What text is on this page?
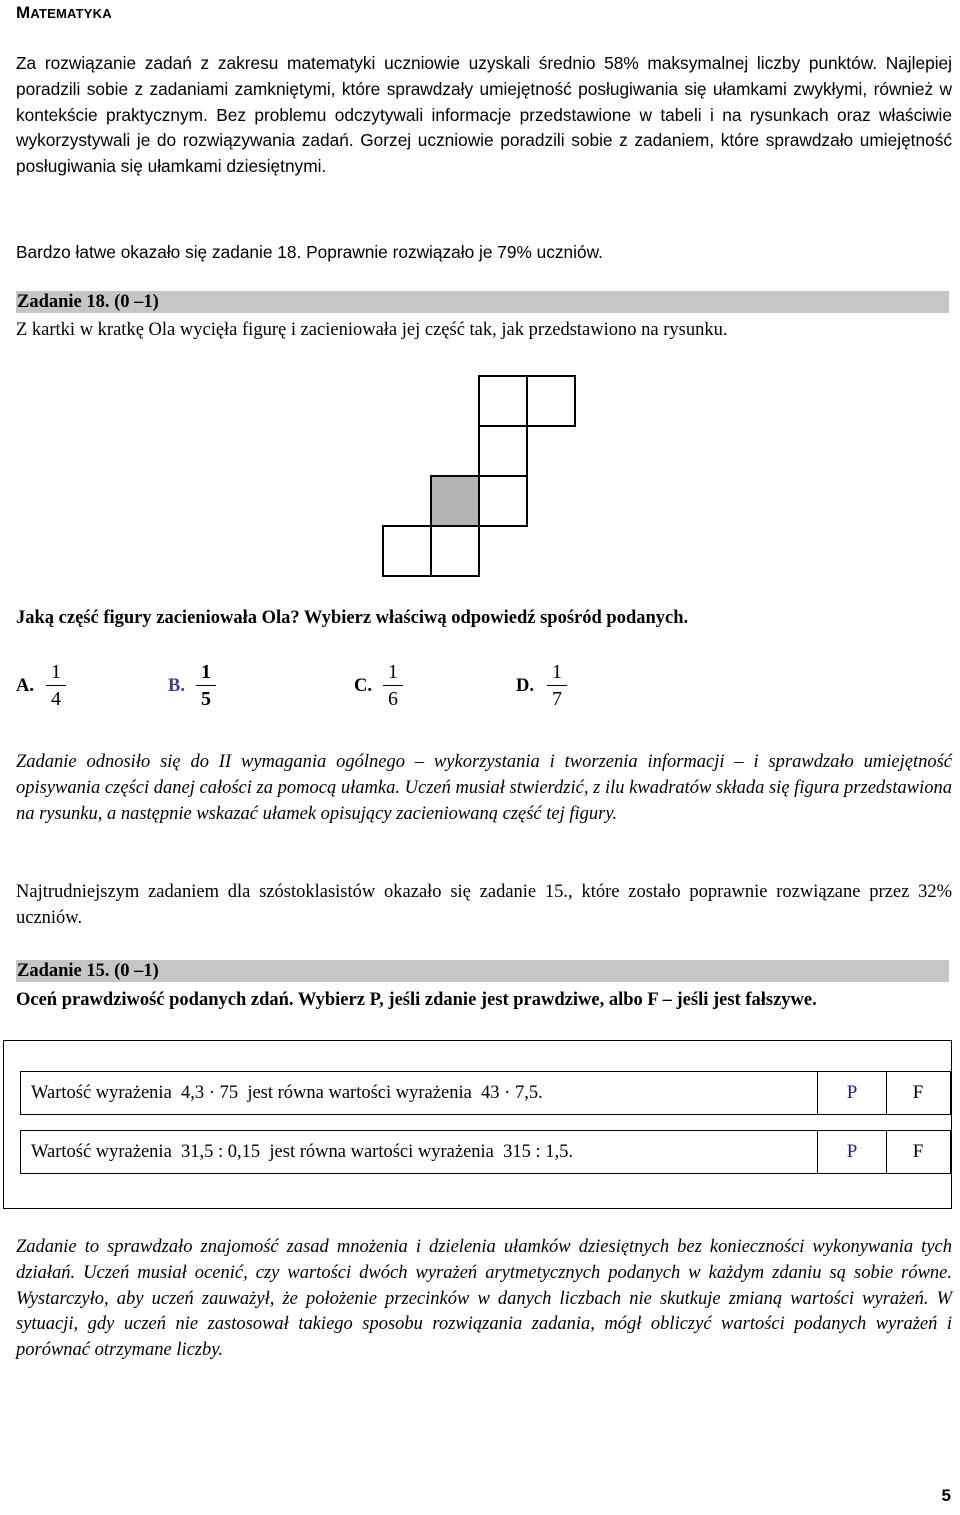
MATEMATYKA
Za rozwiązanie zadań z zakresu matematyki uczniowie uzyskali średnio 58% maksymalnej liczby punktów. Najlepiej poradzili sobie z zadaniami zamkniętymi, które sprawdzały umiejętność posługiwania się ułamkami zwykłymi, również w kontekście praktycznym. Bez problemu odczytywali informacje przedstawione w tabeli i na rysunkach oraz właściwie wykorzystywali je do rozwiązywania zadań. Gorzej uczniowie poradzili sobie z zadaniem, które sprawdzało umiejętność posługiwania się ułamkami dziesiętnymi.
Bardzo łatwe okazało się zadanie 18. Poprawnie rozwiązało je 79% uczniów.
Zadanie 18. (0 –1)
Z kartki w kratkę Ola wycięła figurę i zacieniowała jej część tak, jak przedstawiono na rysunku.
Jaką część figury zacieniowała Ola? Wybierz właściwą odpowiedź spośród podanych.
A.
1
4
B.
1
5
C.
1
6
D.
1
7
Zadanie odnosiło się do II wymagania ogólnego – wykorzystania i tworzenia informacji – i sprawdzało umiejętność opisywania części danej całości za pomocą ułamka. Uczeń musiał stwierdzić, z ilu kwadratów składa się figura przedstawiona na rysunku, a następnie wskazać ułamek opisujący zacieniowaną część tej figury.
Najtrudniejszym zadaniem dla szóstoklasistów okazało się zadanie 15., które zostało poprawnie rozwiązane przez 32% uczniów.
Zadanie 15. (0 –1)
Oceń prawdziwość podanych zdań. Wybierz P, jeśli zdanie jest prawdziwe, albo F – jeśli jest fałszywe.
Wartość wyrażenia  4,3 · 75  jest równa wartości wyrażenia  43 · 7,5.	P	F
Wartość wyrażenia  31,5 : 0,15  jest równa wartości wyrażenia  315 : 1,5.	P	F
Zadanie to sprawdzało znajomość zasad mnożenia i dzielenia ułamków dziesiętnych bez konieczności wykonywania tych działań. Uczeń musiał ocenić, czy wartości dwóch wyrażeń arytmetycznych podanych w każdym zdaniu są sobie równe. Wystarczyło, aby uczeń zauważył, że położenie przecinków w danych liczbach nie skutkuje zmianą wartości wyrażeń. W sytuacji, gdy uczeń nie zastosował takiego sposobu rozwiązania zadania, mógł obliczyć wartości podanych wyrażeń i porównać otrzymane liczby.
5
